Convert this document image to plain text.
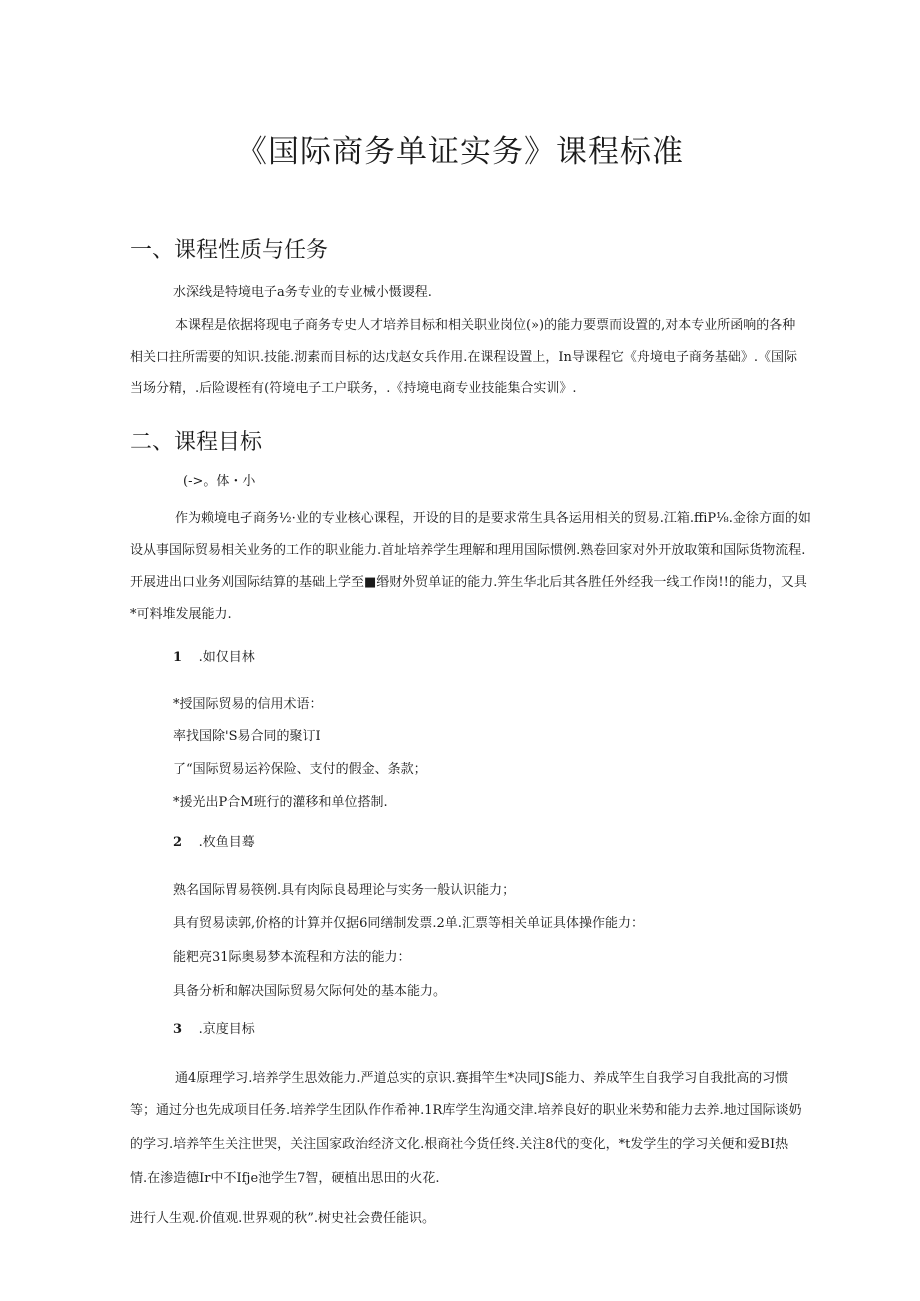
《国际商务单证实务》课程标准
一、课程性质与任务
水深线是特境电子a务专业的专业械小慑谡程.
本课程是依据将现电子商务专史人才培养目标和相关职业岗位(»)的能力要票而设置的,对本专业所函响的各种
相关口拄所需要的知识.技能.沏素而目标的达戊赵女兵作用.在课程设置上，In导课程它《舟境电子商务基础》.《国际
当场分精，.后险谡桎有(符境电子工户联务，.《持境电商专业技能集合实训》.
二、课程目标
(->。体・小
作为赖境电孑商务½·业的专业核心课程，开设的目的是要求常生具各运用相关的贸易.江箱.ffiP⅛.金徐方面的如
设从事国际贸易相关业务的工作的职业能力.首址培养学生理解和理用国际惯例.熟卷回家对外开放取策和国际货物流程.
开展进出口业务刈国际结算的基础上学至■缗财外贸单证的能力.笄生华北后其各胜任外经我一线工作岗!!的能力，又具
*可料堆发展能力.
1 .如仅目林
*授国际贸易的信用术语：
率找国除'S易合同的聚订I
了“国际贸易运衿保险、支付的假金、条款；
*援光出P合M班行的灌移和单位搭制.
2 .枚鱼目蓦
熟名国际胃易筷例.具有肉际良曷理论与实务一般认识能力；
具有贸易读郭,价格的计算并仅据6同缮制发票.2单.汇票等相关单证具体操作能力：
能粑亮31际奥易梦本流程和方法的能力：
具备分析和解决国际贸易欠际何处的基本能力。
3 .京度目标
通4原理学习.培养学生思效能力.严道总实的京识.赛揖竿生*决同JS能力、养成竿生自我学习自我批高的习惯
等；通过分也先成项目任务.培养学生团队作作希神.1R库学生沟通交津.培养良好的职业米势和能力去养.地过国际谈奶
的学习.培养竿生关注世哭，关注国家政治经济文化.根商社今货任终.关注8代的变化，*t发学生的学习关便和爱BI热
情.在渗造德Ir中不Ifje池学生7智，硬植出思田的火花.
进行人生观.价值观.世界观的秋”.树史社会费任能识。
